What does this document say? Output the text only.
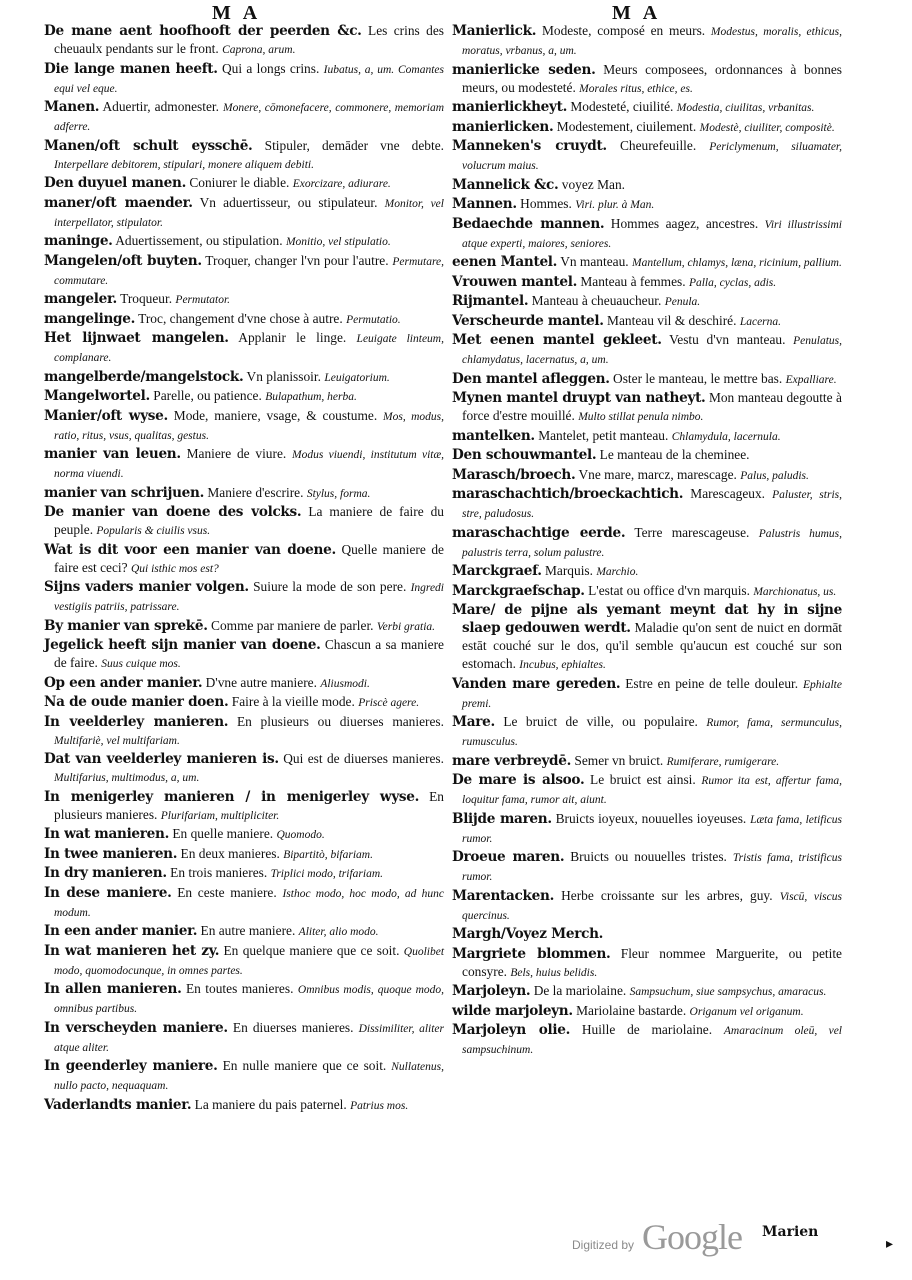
M A	M A
De mane aent hoofhooft der peerden &c. Les crins des cheuaulx pendants sur le front. Caprona, arum.
Die lange manen heeft. Qui a longs crins. Iubatus, a, um. Comantes equi vel eque.
Manen. Aduertir, admonester. Monere, cōmonefacere, commonere, memoriam adferre.
Manen/oft schult eysschē. Stipuler, demāder vne debte. Interpellare debitorem, stipulari, monere aliquem debiti.
Den duyuel manen. Coniurer le diable. Exorcizare, adiurare.
maner/oft maender. Vn aduertisseur, ou stipulateur. Monitor, vel interpellator, stipulator.
maninge. Aduertissement, ou stipulation. Monitio, vel stipulatio.
Mangelen/oft buyten. Troquer, changer l'vn pour l'autre. Permutare, commutare.
mangeler. Troqueur. Permutator.
mangelinge. Troc, changement d'vne chose à autre. Permutatio.
Het lijnwaet mangelen. Applanir le linge. Leuigate linteum, complanare.
mangelberde/mangelstock. Vn planissoir. Leuigatorium.
Mangelwortel. Parelle, ou patience. Bulapathum, herba.
Manier/oft wyse. Mode, maniere, vsage, & coustume. Mos, modus, ratio, ritus, vsus, qualitas, gestus.
manier van leuen. Maniere de viure. Modus viuendi, institutum vitæ, norma viuendi.
manier van schrijuen. Maniere d'escrire. Stylus, forma.
De manier van doene des volcks. La maniere de faire du peuple. Popularis & ciuilis vsus.
Wat is dit voor een manier van doene. Quelle maniere de faire est ceci? Qui isthic mos est?
Sijns vaders manier volgen. Suiure la mode de son pere. Ingredi vestigiis patriis, patrissare.
By manier van sprekē. Comme par maniere de parler. Verbi gratia.
Jegelick heeft sijn manier van doene. Chascun a sa maniere de faire. Suus cuique mos.
Op een ander manier. D'vne autre maniere. Aliusmodi.
Na de oude manier doen. Faire à la vieille mode. Priscè agere.
In veelderley manieren. En plusieurs ou diuerses manieres. Multifariè, vel multifariam.
Dat van veelderley manieren is. Qui est de diuerses manieres. Multifarius, multimodus, a, um.
In menigerley manieren / in menigerley wyse. En plusieurs manieres. Plurifariam, multipliciter.
In wat manieren. En quelle maniere. Quomodo.
In twee manieren. En deux manieres. Bipartitò, bifariam.
In dry manieren. En trois manieres. Triplici modo, trifariam.
In dese maniere. En ceste maniere. Isthoc modo, hoc modo, ad hunc modum.
In een ander manier. En autre maniere. Aliter, alio modo.
In wat manieren het zy. En quelque maniere que ce soit. Quolibet modo, quomodocunque, in omnes partes.
In allen manieren. En toutes manieres. Omnibus modis, quoque modo, omnibus partibus.
In verscheyden maniere. En diuerses manieres. Dissimiliter, aliter atque aliter.
In geenderley maniere. En nulle maniere que ce soit. Nullatenus, nullo pacto, nequaquam.
Vaderlandts manier. La maniere du pais paternel. Patrius mos.
Manierlick. Modeste, composé en meurs. Modestus, moralis, ethicus, moratus, vrbanus, a, um.
manierlicke seden. Meurs composees, ordonnances à bonnes meurs, ou modesteté. Morales ritus, ethice, es.
manierlickheyt. Modesteté, ciuilité. Modestia, ciuilitas, vrbanitas.
manierlicken. Modestement, ciuilement. Modestè, ciuiliter, compositè.
Manneken's cruydt. Cheurefeuille. Periclymenum, siluamater, volucrum maius.
Mannelick &c. voyez Man.
Mannen. Hommes. Viri. plur. à Man.
Bedaechde mannen. Hommes aagez, ancestres. Viri illustrissimi atque experti, maiores, seniores.
eenen Mantel. Vn manteau. Mantellum, chlamys, læna, ricinium, pallium.
Vrouwen mantel. Manteau à femmes. Palla, cyclas, adis.
Rijmantel. Manteau à cheuaucheur. Penula.
Verscheurde mantel. Manteau vil & deschiré. Lacerna.
Met eenen mantel gekleet. Vestu d'vn manteau. Penulatus, chlamydatus, lacernatus, a, um.
Den mantel afleggen. Oster le manteau, le mettre bas. Expalliare.
Mynen mantel druypt van natheyt. Mon manteau degoutte à force d'estre mouillé. Multo stillat penula nimbo.
mantelken. Mantelet, petit manteau. Chlamydula, lacernula.
Den schouwmantel. Le manteau de la cheminee.
Marasch/broech. Vne mare, marcz, marescage. Palus, paludis.
maraschachtich/broeckachtich. Marescageux. Paluster, stris, stre, paludosus.
maraschachtige eerde. Terre marescageuse. Palustris humus, palustris terra, solum palustre.
Marckgraef. Marquis. Marchio.
Marckgraefschap. L'estat ou office d'vn marquis. Marchionatus, us.
Mare/ de pijne als yemant meynt dat hy in sijne slaep gedouwen werdt. Maladie qu'on sent de nuict en dormāt estāt couché sur le dos, qu'il semble qu'aucun est couché sur son estomach. Incubus, ephialtes.
Vanden mare gereden. Estre en peine de telle douleur. Ephialte premi.
Mare. Le bruict de ville, ou populaire. Rumor, fama, sermunculus, rumusculus.
mare verbreydē. Semer vn bruict. Rumiferare, rumigerare.
De mare is alsoo. Le bruict est ainsi. Rumor ita est, affertur fama, loquitur fama, rumor ait, aiunt.
Blijde maren. Bruicts ioyeux, nouuelles ioyeuses. Læta fama, letificus rumor.
Droeue maren. Bruicts ou nouuelles tristes. Tristis fama, tristificus rumor.
Marentacken. Herbe croissante sur les arbres, guy. Viscū, viscus quercinus.
Margh/Voyez Merch.
Margriete blommen. Fleur nommee Marguerite, ou petite consyre. Bels, huius belidis.
Marjoleyn. De la mariolaine. Sampsuchum, siue sampsychus, amaracus.
wilde marjoleyn. Mariolaine bastarde. Origanum vel origanum.
Marjoleyn olie. Huille de mariolaine. Amaracinum oleū, vel sampsuchinum.
Digitized by Google Marien
▸
